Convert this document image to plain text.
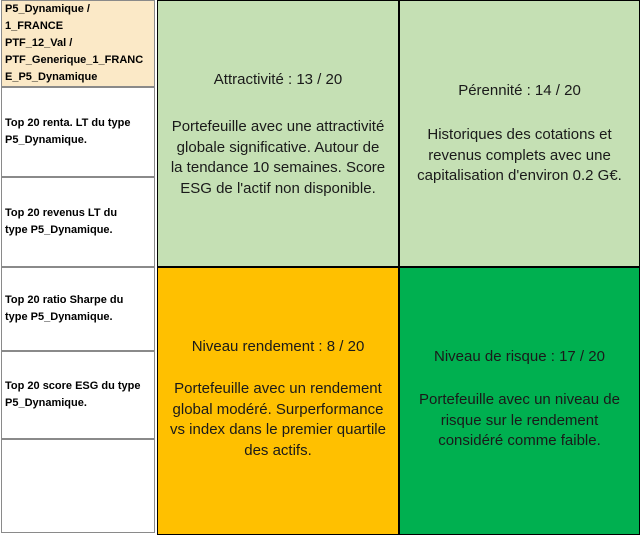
P5_Dynamique /
1_FRANCE
PTF_12_Val /
PTF_Generique_1_FRANC
E_P5_Dynamique
Top 20 renta. LT du type
P5_Dynamique.
Top 20 revenus LT du
type P5_Dynamique.
Top 20 ratio Sharpe du
type P5_Dynamique.
Top 20 score ESG du type
P5_Dynamique.
Attractivité : 13 / 20
Portefeuille avec une attractivité
globale significative. Autour de
la tendance 10 semaines. Score
ESG de l'actif non disponible.
Pérennité : 14 / 20
Historiques des cotations et
revenus complets avec une
capitalisation d'environ 0.2 G€.
Niveau rendement : 8 / 20
Portefeuille avec un rendement
global modéré. Surperformance
vs index dans le premier quartile
des actifs.
Niveau de risque : 17 / 20
Portefeuille avec un niveau de
risque sur le rendement
considéré comme faible.
